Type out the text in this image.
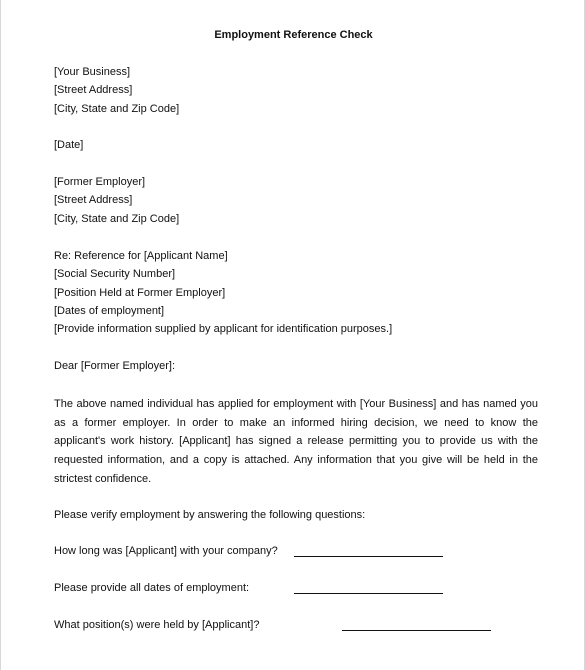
Employment Reference Check
[Your Business]
[Street Address]
[City, State and Zip Code]
[Date]
[Former Employer]
[Street Address]
[City, State and Zip Code]
Re: Reference for [Applicant Name]
[Social Security Number]
[Position Held at Former Employer]
[Dates of employment]
[Provide information supplied by applicant for identification purposes.]
Dear [Former Employer]:
The above named individual has applied for employment with [Your Business] and has named you as a former employer. In order to make an informed hiring decision, we need to know the applicant's work history. [Applicant] has signed a release permitting you to provide us with the requested information, and a copy is attached. Any information that you give will be held in the strictest confidence.
Please verify employment by answering the following questions:
How long was [Applicant] with your company?
Please provide all dates of employment:
What position(s) were held by [Applicant]?
